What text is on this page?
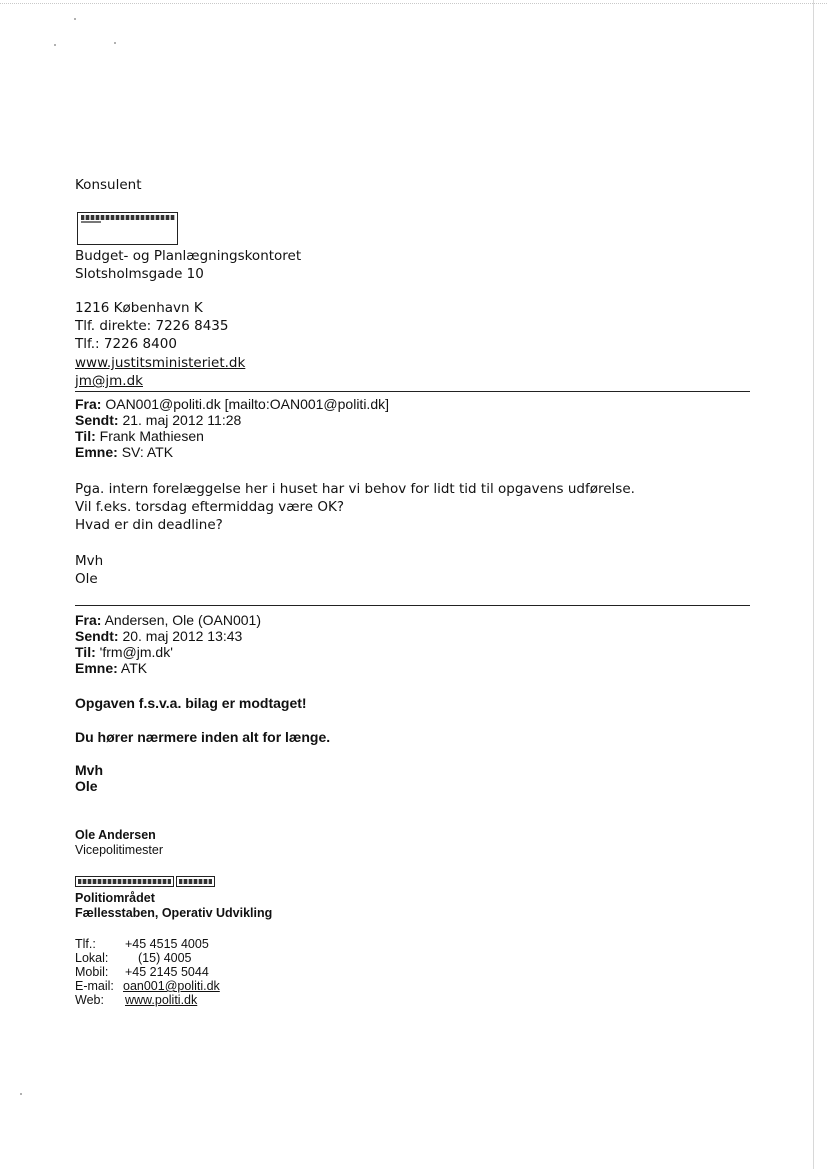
Konsulent
Budget- og Planlægningskontoret
Slotsholmsgade 10
1216 København K
Tlf. direkte: 7226 8435
Tlf.: 7226 8400
www.justitsministeriet.dk
jm@jm.dk
Fra: OAN001@politi.dk [mailto:OAN001@politi.dk]
Sendt: 21. maj 2012 11:28
Til: Frank Mathiesen
Emne: SV: ATK
Pga. intern forelæggelse her i huset har vi behov for lidt tid til opgavens udførelse.
Vil f.eks. torsdag eftermiddag være OK?
Hvad er din deadline?
Mvh
Ole
Fra: Andersen, Ole (OAN001)
Sendt: 20. maj 2012 13:43
Til: 'frm@jm.dk'
Emne: ATK
Opgaven f.s.v.a. bilag er modtaget!
Du hører nærmere inden alt for længe.
Mvh
Ole
Ole Andersen
Vicepolitimester
Politiområdet
Fællesstaben, Operativ Udvikling
Tlf.: +45 4515 4005
Lokal: (15) 4005
Mobil: +45 2145 5044
E-mail: oan001@politi.dk
Web: www.politi.dk
